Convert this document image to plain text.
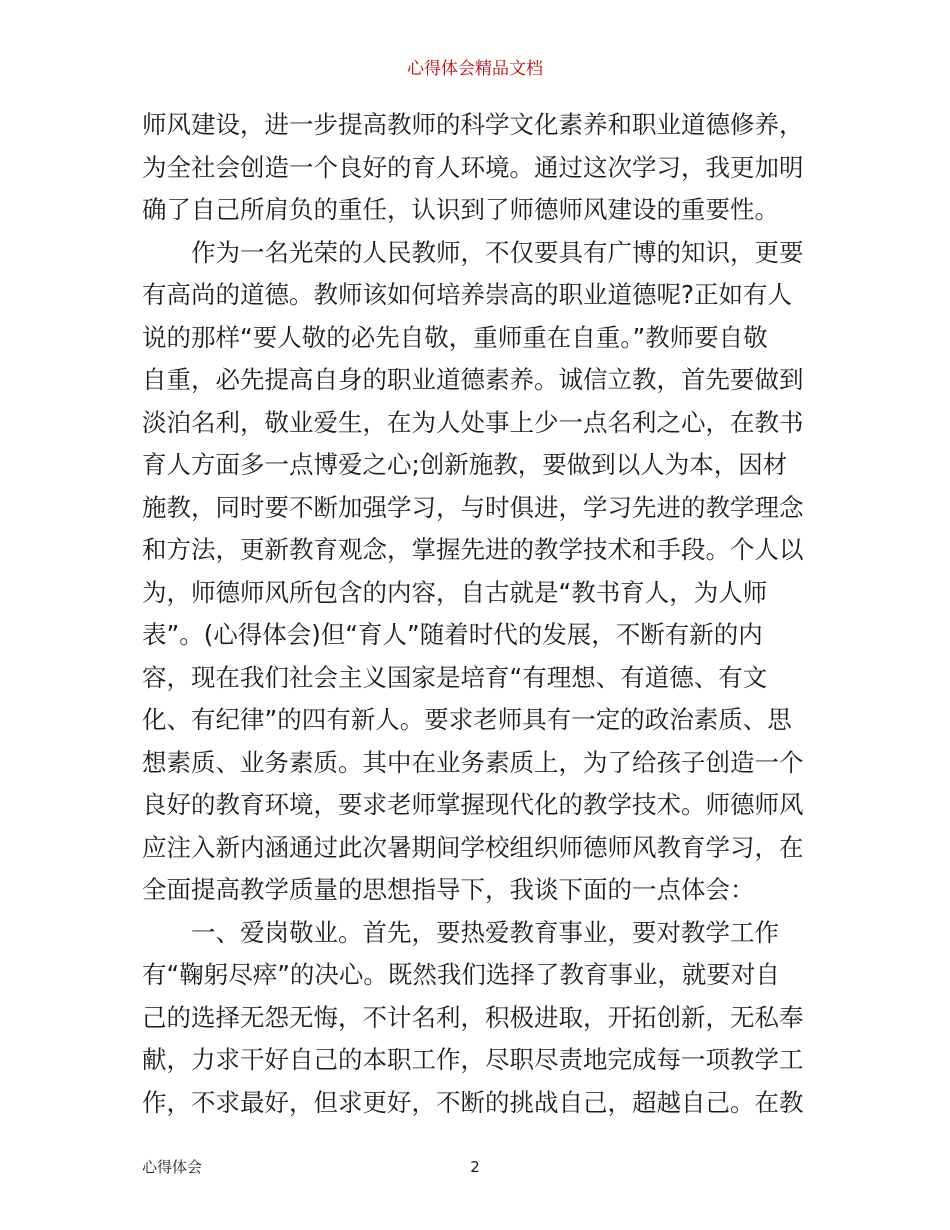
心得体会精品文档
师风建设，进一步提高教师的科学文化素养和职业道德修养，
为全社会创造一个良好的育人环境。通过这次学习，我更加明
确了自己所肩负的重任，认识到了师德师风建设的重要性。
作为一名光荣的人民教师，不仅要具有广博的知识，更要
有高尚的道德。教师该如何培养崇高的职业道德呢?正如有人
说的那样“要人敬的必先自敬，重师重在自重。”教师要自敬
自重，必先提高自身的职业道德素养。诚信立教，首先要做到
淡泊名利，敬业爱生，在为人处事上少一点名利之心，在教书
育人方面多一点博爱之心;创新施教，要做到以人为本，因材
施教，同时要不断加强学习，与时俱进，学习先进的教学理念
和方法，更新教育观念，掌握先进的教学技术和手段。个人以
为，师德师风所包含的内容，自古就是“教书育人，为人师
表”。(心得体会)但“育人”随着时代的发展，不断有新的内
容，现在我们社会主义国家是培育“有理想、有道德、有文
化、有纪律”的四有新人。要求老师具有一定的政治素质、思
想素质、业务素质。其中在业务素质上，为了给孩子创造一个
良好的教育环境，要求老师掌握现代化的教学技术。师德师风
应注入新内涵通过此次暑期间学校组织师德师风教育学习，在
全面提高教学质量的思想指导下，我谈下面的一点体会：
一、爱岗敬业。首先，要热爱教育事业，要对教学工作
有“鞠躬尽瘁”的决心。既然我们选择了教育事业，就要对自
己的选择无怨无悔，不计名利，积极进取，开拓创新，无私奉
献，力求干好自己的本职工作，尽职尽责地完成每一项教学工
作，不求最好，但求更好，不断的挑战自己，超越自己。在教
心得体会	2
